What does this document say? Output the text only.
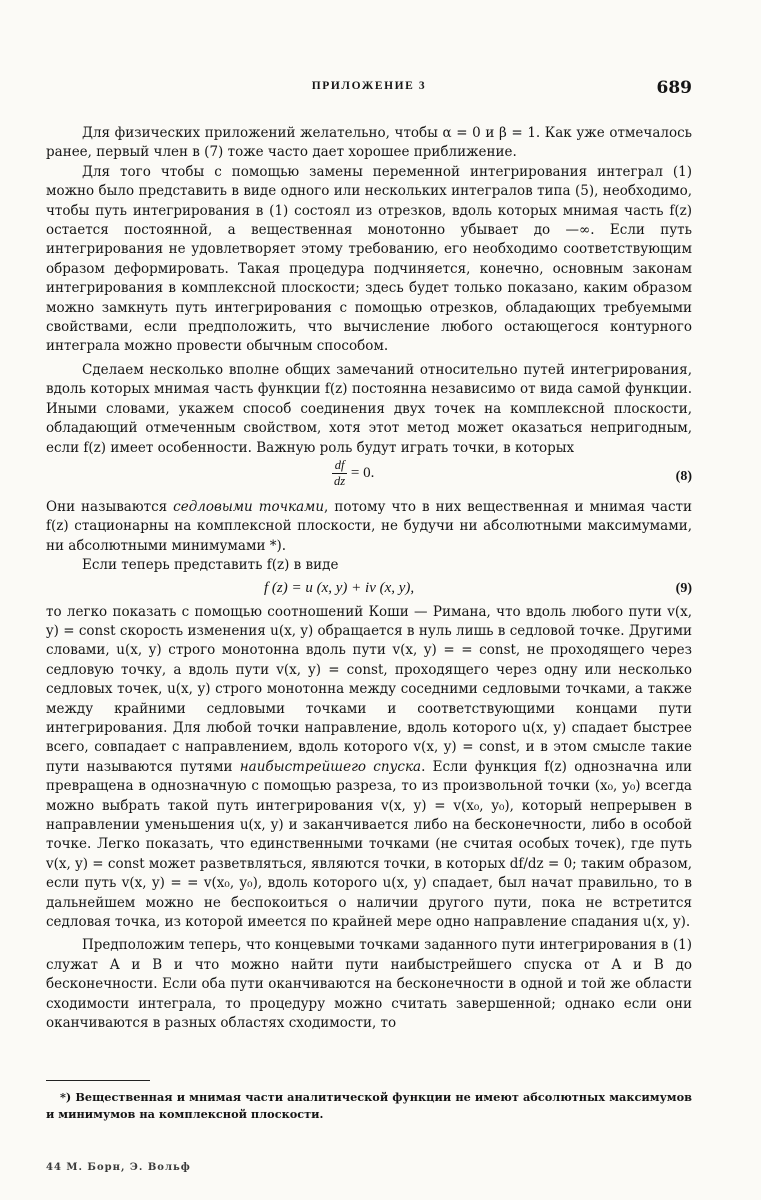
ПРИЛОЖЕНИЕ 3	689

Для физических приложений желательно, чтобы α = 0 и β = 1. Как уже отмечалось ранее, первый член в (7) тоже часто дает хорошее приближение.

Для того чтобы с помощью замены переменной интегрирования интеграл (1) можно было представить в виде одного или нескольких интегралов типа (5), необходимо, чтобы путь интегрирования в (1) состоял из отрезков, вдоль которых мнимая часть f(z) остается постоянной, а вещественная монотонно убывает до —∞. Если путь интегрирования не удовлетворяет этому требованию, его необходимо соответствующим образом деформировать. Такая процедура подчиняется, конечно, основным законам интегрирования в комплексной плоскости; здесь будет только показано, каким образом можно замкнуть путь интегрирования с помощью отрезков, обладающих требуемыми свойствами, если предположить, что вычисление любого остающегося контурного интеграла можно провести обычным способом.

Сделаем несколько вполне общих замечаний относительно путей интегрирования, вдоль которых мнимая часть функции f(z) постоянна независимо от вида самой функции. Иными словами, укажем способ соединения двух точек на комплексной плоскости, обладающий отмеченным свойством, хотя этот метод может оказаться непригодным, если f(z) имеет особенности. Важную роль будут играть точки, в которых

$\frac{df}{dz} = 0$.	(8)

Они называются седловыми точками, потому что в них вещественная и мнимая части f(z) стационарны на комплексной плоскости, не будучи ни абсолютными максимумами, ни абсолютными минимумами *).

Если теперь представить f(z) в виде

f (z) = u (x, y) + iv (x, y),	(9)

то легко показать с помощью соотношений Коши — Римана, что вдоль любого пути v(x, y) = const скорость изменения u(x, y) обращается в нуль лишь в седловой точке. Другими словами, u(x, y) строго монотонна вдоль пути v(x, y) = = const, не проходящего через седловую точку, а вдоль пути v(x, y) = const, проходящего через одну или несколько седловых точек, u(x, y) строго монотонна между соседними седловыми точками, а также между крайними седловыми точками и соответствующими концами пути интегрирования. Для любой точки направление, вдоль которого u(x, y) спадает быстрее всего, совпадает с направлением, вдоль которого v(x, y) = const, и в этом смысле такие пути называются путями наибыстрейшего спуска. Если функция f(z) однозначна или превращена в однозначную с помощью разреза, то из произвольной точки (x₀, y₀) всегда можно выбрать такой путь интегрирования v(x, y) = v(x₀, y₀), который непрерывен в направлении уменьшения u(x, y) и заканчивается либо на бесконечности, либо в особой точке. Легко показать, что единственными точками (не считая особых точек), где путь v(x, y) = const может разветвляться, являются точки, в которых df/dz = 0; таким образом, если путь v(x, y) = = v(x₀, y₀), вдоль которого u(x, y) спадает, был начат правильно, то в дальнейшем можно не беспокоиться о наличии другого пути, пока не встретится седловая точка, из которой имеется по крайней мере одно направление спадания u(x, y).

Предположим теперь, что концевыми точками заданного пути интегрирования в (1) служат A и B и что можно найти пути наибыстрейшего спуска от A и B до бесконечности. Если оба пути оканчиваются на бесконечности в одной и той же области сходимости интеграла, то процедуру можно считать завершенной; однако если они оканчиваются в разных областях сходимости, то

*) Вещественная и мнимая части аналитической функции не имеют абсолютных максимумов и минимумов на комплексной плоскости.
44 М. Борн, Э. Вольф
